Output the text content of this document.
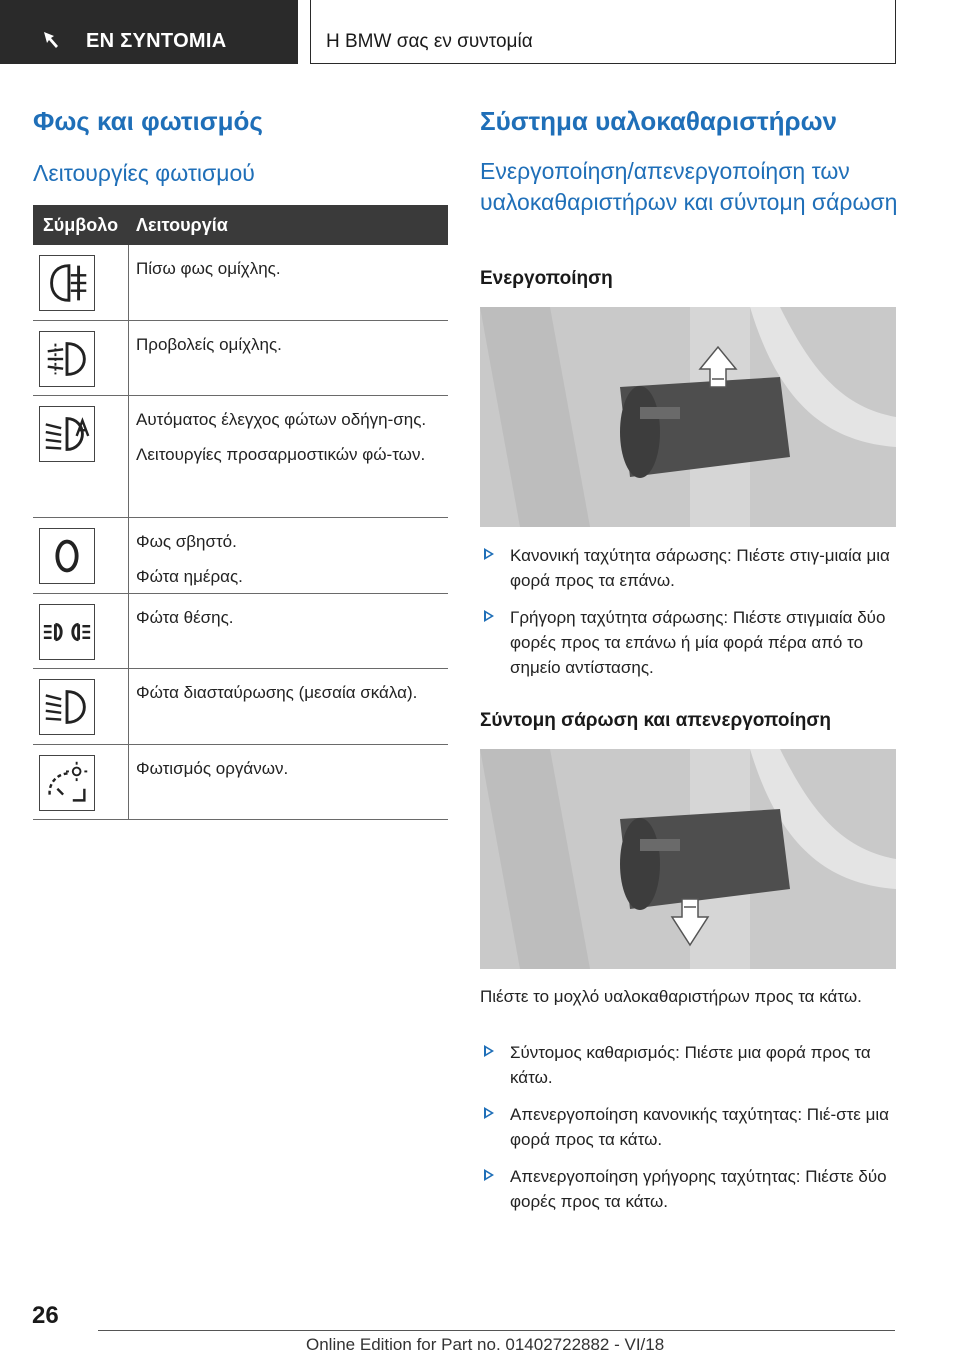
ΕΝ ΣΥΝΤΟΜΙΑ	Η BMW σας εν συντομία
Φως και φωτισμός
Λειτουργίες φωτισμού
Σύμβολο Λειτουργία

Πίσω φως ομίχλης.

Προβολείς ομίχλης.

Αυτόματος έλεγχος φώτων οδήγη-σης.

Λειτουργίες προσαρμοστικών φώ-των.

Φως σβηστό.

Φώτα ημέρας.

Φώτα θέσης.

Φώτα διασταύρωσης (μεσαία σκάλα).

Φωτισμός οργάνων.

Σύστημα υαλοκαθαριστήρων
Ενεργοποίηση/απενεργοποίηση των υαλοκαθαριστήρων και σύντομη σάρωση
Ενεργοποίηση
Κανονική ταχύτητα σάρωσης: Πιέστε στιγ-μιαία μια φορά προς τα επάνω.
Γρήγορη ταχύτητα σάρωσης: Πιέστε στιγμιαία δύο φορές προς τα επάνω ή μία φορά πέρα από το σημείο αντίστασης.
Σύντομη σάρωση και απενεργοποίηση
Πιέστε το μοχλό υαλοκαθαριστήρων προς τα κάτω.
Σύντομος καθαρισμός: Πιέστε μια φορά προς τα κάτω.
Απενεργοποίηση κανονικής ταχύτητας: Πιέ-στε μια φορά προς τα κάτω.
Απενεργοποίηση γρήγορης ταχύτητας: Πιέστε δύο φορές προς τα κάτω.
26
Online Edition for Part no. 01402722882 - VI/18
